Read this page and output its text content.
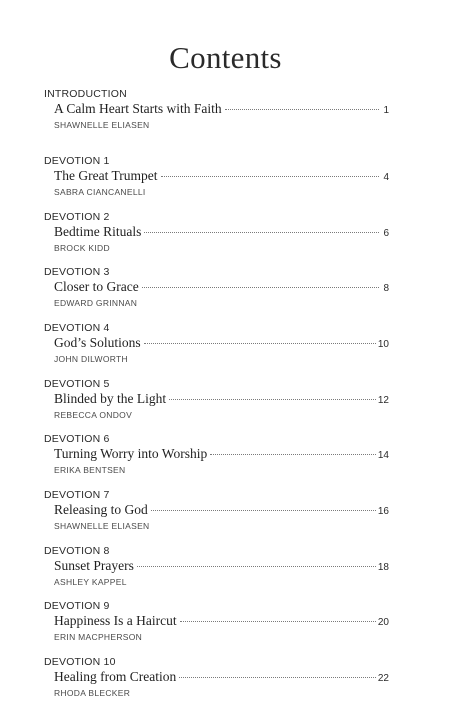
Contents
INTRODUCTION
A Calm Heart Starts with Faith	1
SHAWNELLE ELIASEN
DEVOTION 1
The Great Trumpet	4
SABRA CIANCANELLI
DEVOTION 2
Bedtime Rituals	6
BROCK KIDD
DEVOTION 3
Closer to Grace	8
EDWARD GRINNAN
DEVOTION 4
God’s Solutions	10
JOHN DILWORTH
DEVOTION 5
Blinded by the Light	12
REBECCA ONDOV
DEVOTION 6
Turning Worry into Worship	14
ERIKA BENTSEN
DEVOTION 7
Releasing to God	16
SHAWNELLE ELIASEN
DEVOTION 8
Sunset Prayers	18
ASHLEY KAPPEL
DEVOTION 9
Happiness Is a Haircut	20
ERIN MACPHERSON
DEVOTION 10
Healing from Creation	22
RHODA BLECKER
